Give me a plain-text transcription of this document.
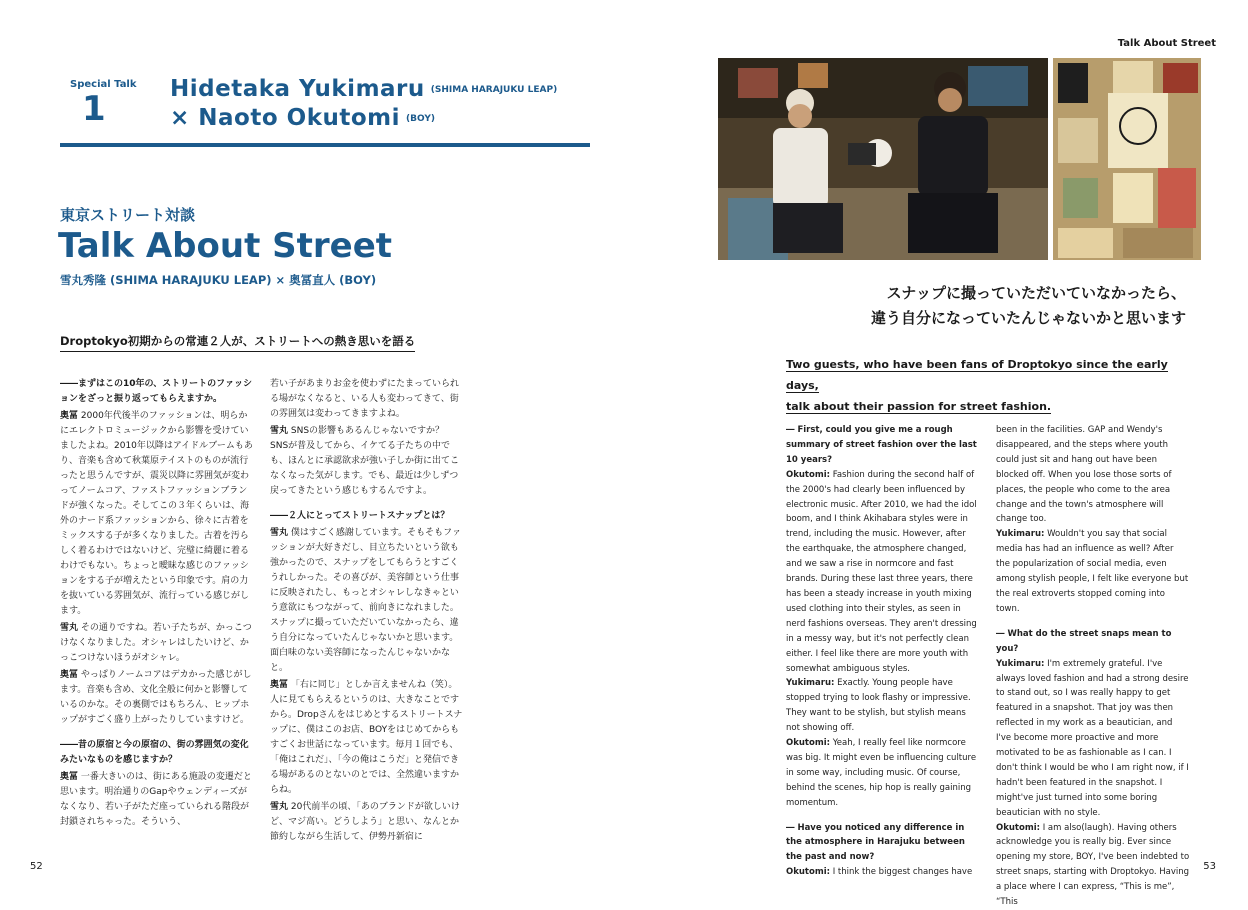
Special Talk
1	Hidetaka Yukimaru (SHIMA HARAJUKU LEAP)
× Naoto Okutomi (BOY)
東京ストリート対談
Talk About Street
雪丸秀隆 (SHIMA HARAJUKU LEAP) × 奥冨直人 (BOY)
Droptokyo初期からの常連２人が、ストリートへの熱き思いを語る

――まずはこの10年の、ストリートのファッションをざっと振り返ってもらえますか。

奥冨 2000年代後半のファッションは、明らかにエレクトロミュージックから影響を受けていましたよね。2010年以降はアイドルブームもあり、音楽も含めて秋葉原テイストのものが流行ったと思うんですが、震災以降に雰囲気が変わってノームコア、ファストファッションブランドが強くなった。そしてこの３年くらいは、海外のナード系ファッションから、徐々に古着をミックスする子が多くなりました。古着を汚らしく着るわけではないけど、完璧に綺麗に着るわけでもない。ちょっと曖昧な感じのファッションをする子が増えたという印象です。肩の力を抜いている雰囲気が、流行っている感じがします。

雪丸 その通りですね。若い子たちが、かっこつけなくなりました。オシャレはしたいけど、かっこつけないほうがオシャレ。

奥冨 やっぱりノームコアはデカかった感じがします。音楽も含め、文化全般に何かと影響しているのかな。その裏側ではもちろん、ヒップホップがすごく盛り上がったりしていますけど。

――昔の原宿と今の原宿の、街の雰囲気の変化みたいなものを感じますか？

奥冨 一番大きいのは、街にある施設の変遷だと思います。明治通りのGapやウェンディーズがなくなり、若い子がただ座っていられる階段が封鎖されちゃった。そういう、

若い子があまりお金を使わずにたまっていられる場がなくなると、いる人も変わってきて、街の雰囲気は変わってきますよね。

雪丸 SNSの影響もあるんじゃないですか？ SNSが普及してから、イケてる子たちの中でも、ほんとに承認欲求が強い子しか街に出てこなくなった気がします。でも、最近は少しずつ戻ってきたという感じもするんですよ。

――２人にとってストリートスナップとは？

雪丸 僕はすごく感謝しています。そもそもファッションが大好きだし、目立ちたいという欲も強かったので、スナップをしてもらうとすごくうれしかった。その喜びが、美容師という仕事に反映されたし、もっとオシャレしなきゃという意欲にもつながって、前向きになれました。スナップに撮っていただいていなかったら、違う自分になっていたんじゃないかと思います。面白味のない美容師になったんじゃないかなと。

奥冨 「右に同じ」としか言えませんね（笑）。人に見てもらえるというのは、大きなことですから。Dropさんをはじめとするストリートスナップに、僕はこのお店、BOYをはじめてからもすごくお世話になっています。毎月１回でも、「俺はこれだ」、「今の俺はこうだ」と発信できる場があるのとないのとでは、全然違いますからね。

雪丸 20代前半の頃、「あのブランドが欲しいけど、マジ高い。どうしよう」と思い、なんとか節約しながら生活して、伊勢丹新宿に

52
Talk About Street
スナップに撮っていただいていなかったら、
違う自分になっていたんじゃないかと思います
Two guests, who have been fans of Droptokyo since the early days,
talk about their passion for street fashion.

― First, could you give me a rough summary of street fashion over the last 10 years?

Okutomi: Fashion during the second half of the 2000's had clearly been influenced by electronic music. After 2010, we had the idol boom, and I think Akihabara styles were in trend, including the music. However, after the earthquake, the atmosphere changed, and we saw a rise in normcore and fast brands. During these last three years, there has been a steady increase in youth mixing used clothing into their styles, as seen in nerd fashions overseas. They aren't dressing in a messy way, but it's not perfectly clean either. I feel like there are more youth with somewhat ambiguous styles.

Yukimaru: Exactly. Young people have stopped trying to look flashy or impressive. They want to be stylish, but stylish means not showing off.

Okutomi: Yeah, I really feel like normcore was big. It might even be influencing culture in some way, including music. Of course, behind the scenes, hip hop is really gaining momentum.

― Have you noticed any difference in the atmosphere in Harajuku between the past and now?

Okutomi: I think the biggest changes have

been in the facilities. GAP and Wendy's disappeared, and the steps where youth could just sit and hang out have been blocked off. When you lose those sorts of places, the people who come to the area change and the town's atmosphere will change too.

Yukimaru: Wouldn't you say that social media has had an influence as well? After the popularization of social media, even among stylish people, I felt like everyone but the real extroverts stopped coming into town.

― What do the street snaps mean to you?

Yukimaru: I'm extremely grateful. I've always loved fashion and had a strong desire to stand out, so I was really happy to get featured in a snapshot. That joy was then reflected in my work as a beautician, and I've become more proactive and more motivated to be as fashionable as I can. I don't think I would be who I am right now, if I hadn't been featured in the snapshot. I might've just turned into some boring beautician with no style.

Okutomi: I am also(laugh). Having others acknowledge you is really big. Ever since opening my store, BOY, I've been indebted to street snaps, starting with Droptokyo. Having a place where I can express, “This is me”, “This

53
